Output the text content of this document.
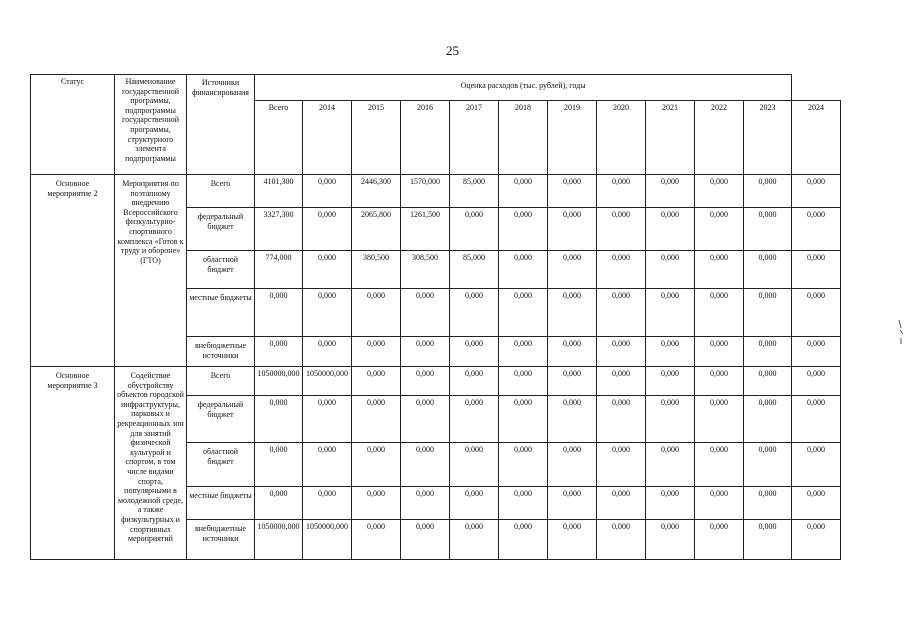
25
Статус	Наименование государственной программы, подпрограммы государственной программы, структурного элемента подпрограммы	Источники финансирования	Оценка расходов (тыс. рублей), годы											
			Всего	2014	2015	2016	2017	2018	2019	2020	2021	2022	2023	2024
Основное мероприятие 2	Мероприятия по поэтапному внедрению Всероссийского физкультурно-спортивного комплекса «Готов к труду и обороне» (ГТО)	Всего	4101,300	0,000	2446,300	1570,000	85,000	0,000	0,000	0,000	0,000	0,000	0,000	0,000
		федеральный бюджет	3327,300	0,000	2065,800	1261,500	0,000	0,000	0,000	0,000	0,000	0,000	0,000	0,000
		областной бюджет	774,000	0,000	380,500	308,500	85,000	0,000	0,000	0,000	0,000	0,000	0,000	0,000
		местные бюджеты	0,000	0,000	0,000	0,000	0,000	0,000	0,000	0,000	0,000	0,000	0,000	0,000
		внебюджетные источники	0,000	0,000	0,000	0,000	0,000	0,000	0,000	0,000	0,000	0,000	0,000	0,000
Основное мероприятие 3	Содействие обустройству объектов городской инфраструктуры, парковых и рекреационных зон для занятий физической культурой и спортом, в том числе видами спорта, популярными в молодежной среде, а также физкультурных и спортивных мероприятий	Всего	1050000,000	1050000,000	0,000	0,000	0,000	0,000	0,000	0,000	0,000	0,000	0,000	0,000
		федеральный бюджет	0,000	0,000	0,000	0,000	0,000	0,000	0,000	0,000	0,000	0,000	0,000	0,000
		областной бюджет	0,000	0,000	0,000	0,000	0,000	0,000	0,000	0,000	0,000	0,000	0,000	0,000
		местные бюджеты	0,000	0,000	0,000	0,000	0,000	0,000	0,000	0,000	0,000	0,000	0,000	0,000
		внебюджетные источники	1050000,000	1050000,000	0,000	0,000	0,000	0,000	0,000	0,000	0,000	0,000	0,000	0,000
